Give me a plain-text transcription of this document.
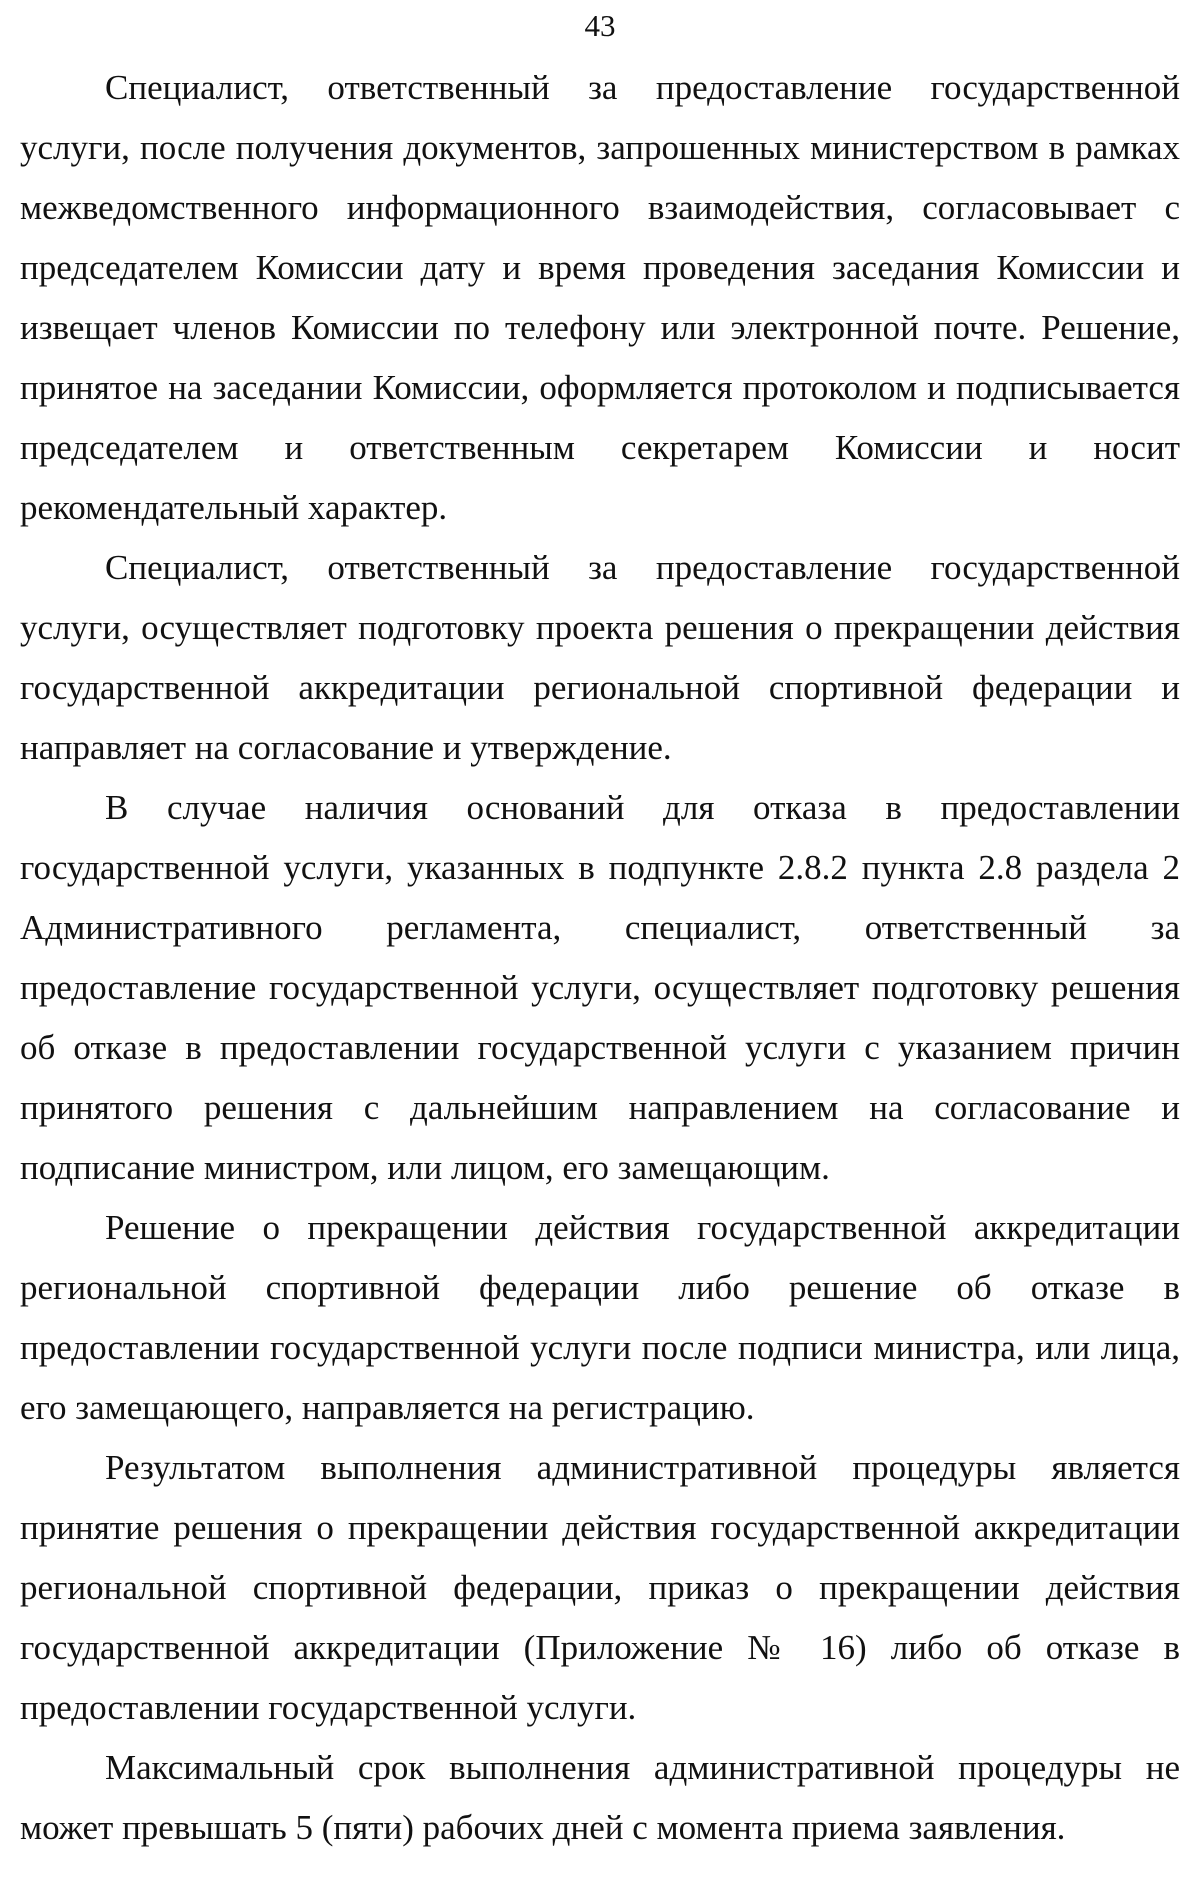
43

Специалист, ответственный за предоставление государственной услуги, после получения документов, запрошенных министерством в рамках межведомственного информационного взаимодействия, согласовывает с председателем Комиссии дату и время проведения заседания Комиссии и извещает членов Комиссии по телефону или электронной почте. Решение, принятое на заседании Комиссии, оформляется протоколом и подписывается председателем и ответственным секретарем Комиссии и носит рекомендательный характер.

Специалист, ответственный за предоставление государственной услуги, осуществляет подготовку проекта решения о прекращении действия государственной аккредитации региональной спортивной федерации и направляет на согласование и утверждение.

В случае наличия оснований для отказа в предоставлении государственной услуги, указанных в подпункте 2.8.2 пункта 2.8 раздела 2 Административного регламента, специалист, ответственный за предоставление государственной услуги, осуществляет подготовку решения об отказе в предоставлении государственной услуги с указанием причин принятого решения с дальнейшим направлением на согласование и подписание министром, или лицом, его замещающим.

Решение о прекращении действия государственной аккредитации региональной спортивной федерации либо решение об отказе в предоставлении государственной услуги после подписи министра, или лица, его замещающего, направляется на регистрацию.

Результатом выполнения административной процедуры является принятие решения о прекращении действия государственной аккредитации региональной спортивной федерации, приказ о прекращении действия государственной аккредитации (Приложение № 16) либо об отказе в предоставлении государственной услуги.

Максимальный срок выполнения административной процедуры не может превышать 5 (пяти) рабочих дней с момента приема заявления.
